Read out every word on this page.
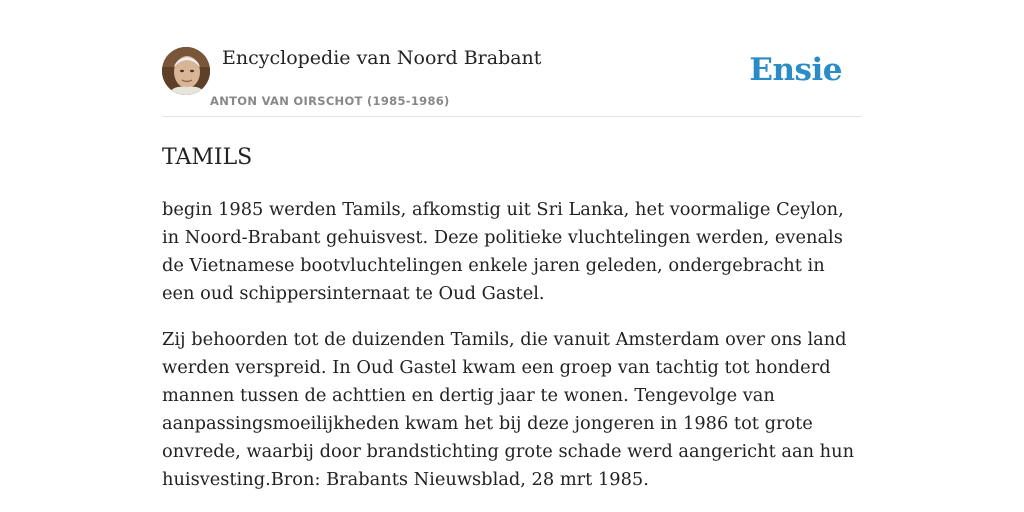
Encyclopedie van Noord Brabant
ANTON VAN OIRSCHOT (1985-1986)
Ensie
TAMILS

begin 1985 werden Tamils, afkomstig uit Sri Lanka, het voormalige Ceylon, in Noord-Brabant gehuisvest. Deze politieke vluchtelingen werden, evenals de Vietnamese bootvluchtelingen enkele jaren geleden, ondergebracht in een oud schippersinternaat te Oud Gastel.

Zij behoorden tot de duizenden Tamils, die vanuit Amsterdam over ons land werden verspreid. In Oud Gastel kwam een groep van tachtig tot honderd mannen tussen de achttien en dertig jaar te wonen. Tengevolge van aanpassingsmoeilijkheden kwam het bij deze jongeren in 1986 tot grote onvrede, waarbij door brandstichting grote schade werd aangericht aan hun huisvesting.Bron: Brabants Nieuwsblad, 28 mrt 1985.
